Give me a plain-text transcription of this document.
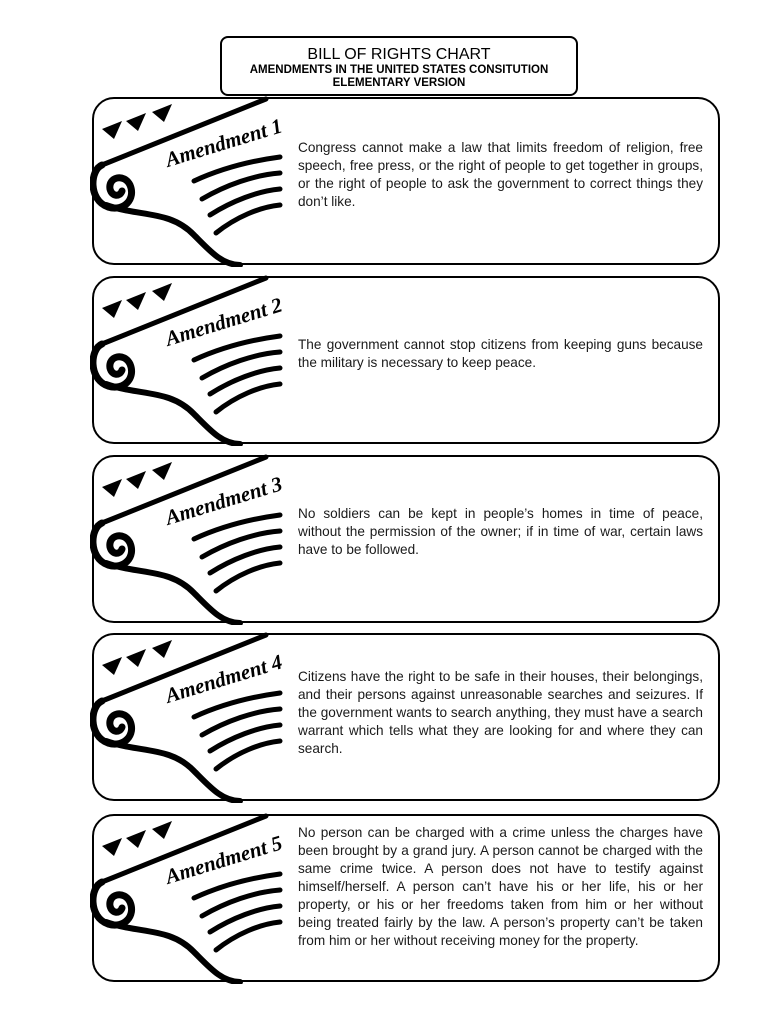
BILL OF RIGHTS CHART
AMENDMENTS IN THE UNITED STATES CONSITUTION
ELEMENTARY VERSION
Amendment 1 Congress cannot make a law that limits freedom of religion, free speech, free press, or the right of people to get together in groups, or the right of people to ask the government to correct things they don’t like.
Amendment 2 The government cannot stop citizens from keeping guns because the military is necessary to keep peace.
Amendment 3 No soldiers can be kept in people’s homes in time of peace, without the permission of the owner; if in time of war, certain laws have to be followed.
Amendment 4 Citizens have the right to be safe in their houses, their belongings, and their persons against unreasonable searches and seizures. If the government wants to search anything, they must have a search warrant which tells what they are looking for and where they can search.
Amendment 5 No person can be charged with a crime unless the charges have been brought by a grand jury. A person cannot be charged with the same crime twice. A person does not have to testify against himself/herself. A person can’t have his or her life, his or her property, or his or her freedoms taken from him or her without being treated fairly by the law. A person’s property can’t be taken from him or her without receiving money for the property.
